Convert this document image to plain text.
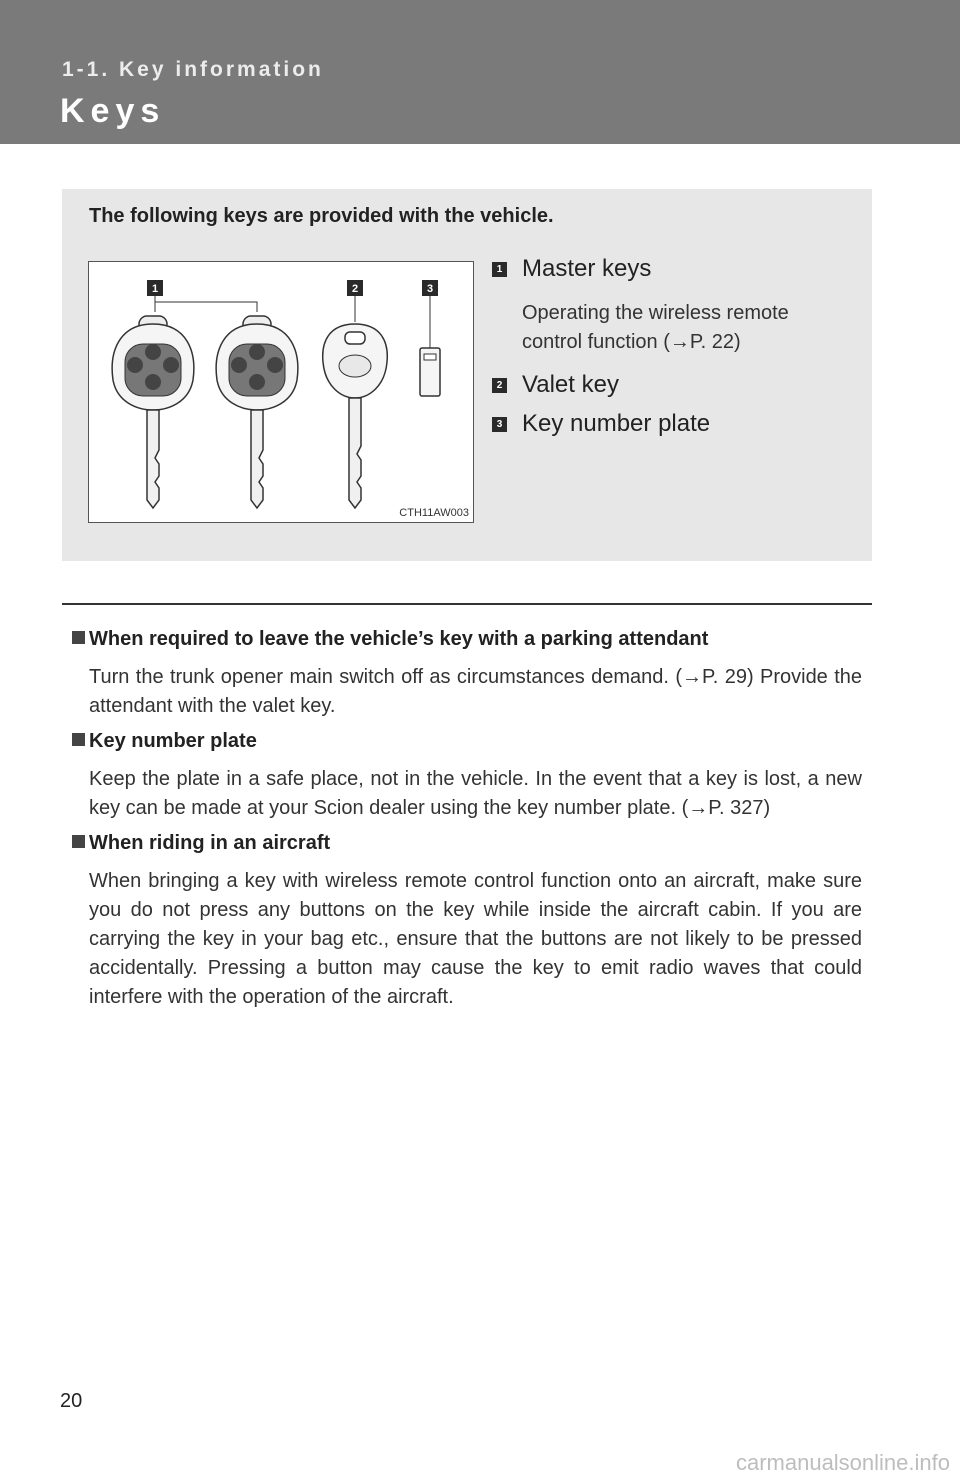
1-1. Key information
Keys
The following keys are provided with the vehicle.
1	2	3
CTH11AW003
1 Master keys
Operating the wireless remote control function (→P. 22)
2 Valet key
3 Key number plate
When required to leave the vehicle’s key with a parking attendant
Turn the trunk opener main switch off as circumstances demand. (→P. 29) Provide the attendant with the valet key.
Key number plate
Keep the plate in a safe place, not in the vehicle. In the event that a key is lost, a new key can be made at your Scion dealer using the key number plate. (→P. 327)
When riding in an aircraft
When bringing a key with wireless remote control function onto an aircraft, make sure you do not press any buttons on the key while inside the aircraft cabin. If you are carrying the key in your bag etc., ensure that the buttons are not likely to be pressed accidentally. Pressing a button may cause the key to emit radio waves that could interfere with the operation of the aircraft.
20
carmanualsonline.info
